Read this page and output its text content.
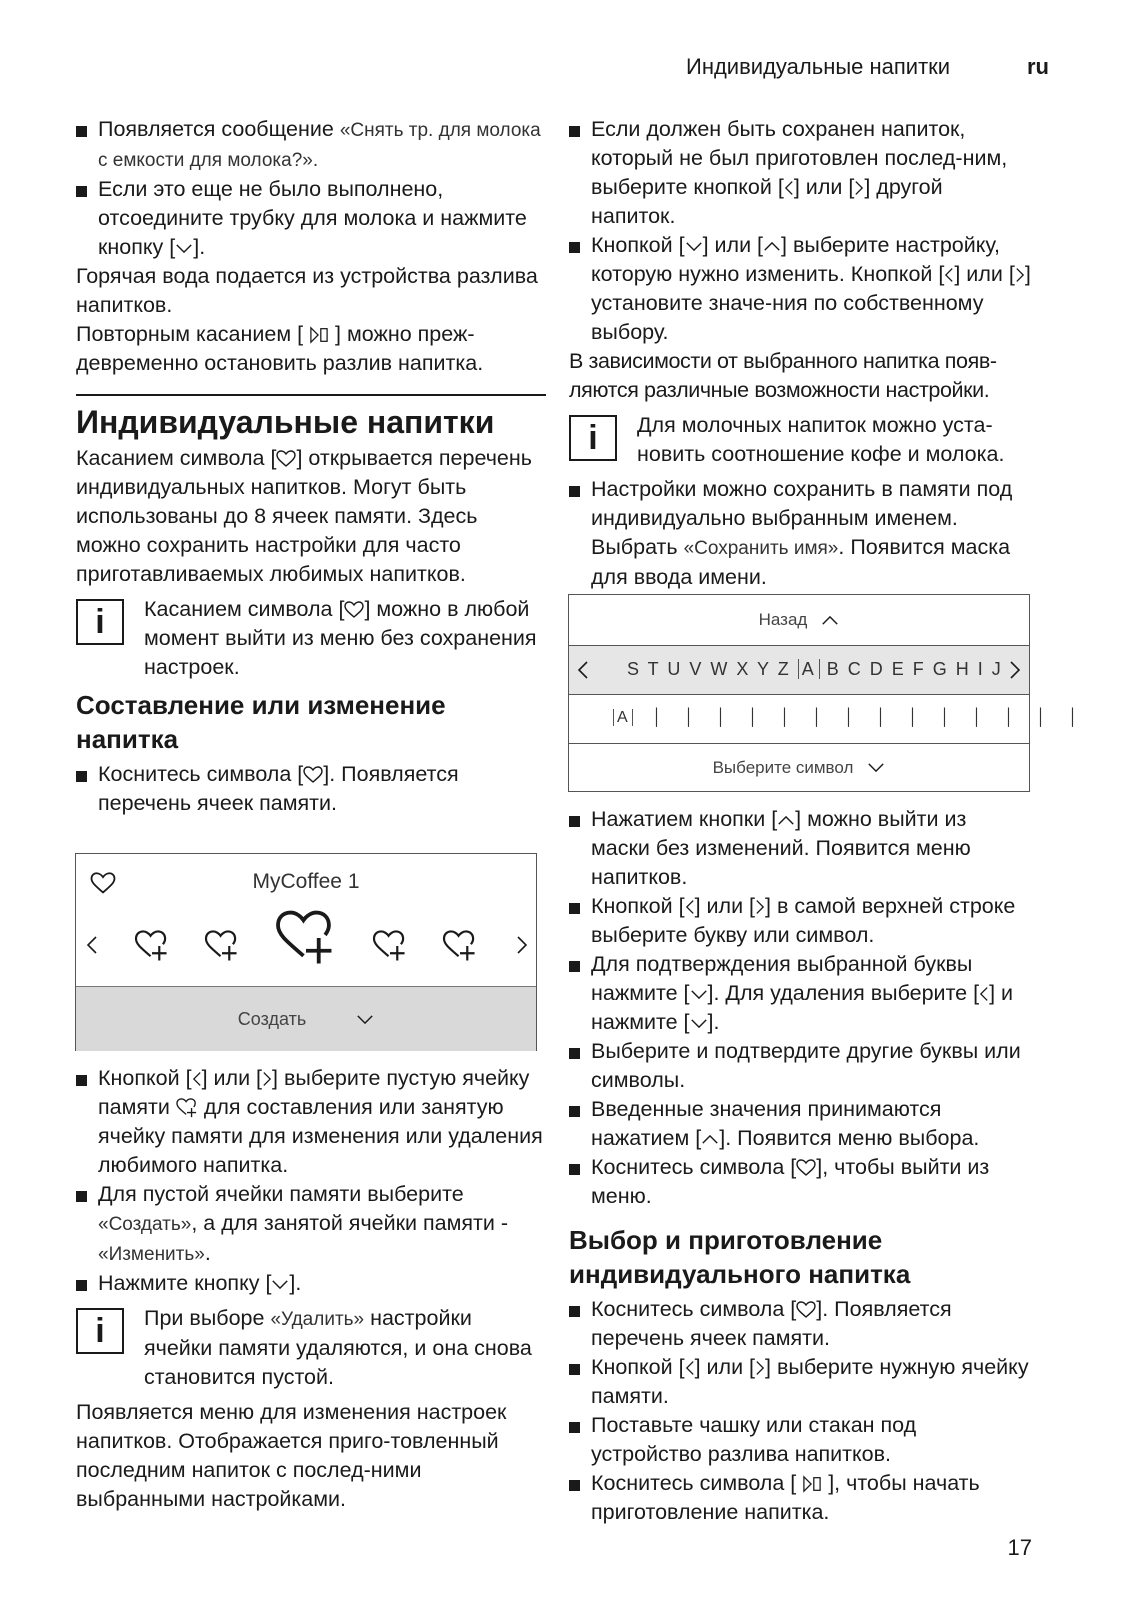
Индивидуальные напитки	ru
Появляется сообщение «Снять тр. для молока с емкости для молока?».
Если это еще не было выполнено, отсоедините трубку для молока и нажмите кнопку [ ].

Горячая вода подается из устройства разлива напитков.

Повторным касанием [  ] можно преж-девременно остановить разлив напитка.

Индивидуальные напитки

Касанием символа [ ] открывается перечень индивидуальных напитков. Могут быть использованы до 8 ячеек памяти. Здесь можно сохранить настройки для часто приготавливаемых любимых напитков.

i	Касанием символа [ ] можно в любой момент выйти из меню без сохранения настроек.
Составление или изменение напитка
Коснитесь символа [ ]. Появляется перечень ячеек памяти.
MyCoffee 1
Создать
Кнопкой [ ] или [ ] выберите пустую ячейку памяти  для составления или занятую ячейку памяти для изменения или удаления любимого напитка.
Для пустой ячейки памяти выберите «Создать», а для занятой ячейки памяти - «Изменить».
Нажмите кнопку [ ].
i	При выборе «Удалить» настройки ячейки памяти удаляются, и она снова становится пустой.

Появляется меню для изменения настроек напитков. Отображается приго-товленный последним напиток с послед-ними выбранными настройками.

Если должен быть сохранен напиток, который не был приготовлен послед-ним, выберите кнопкой [ ] или [ ] другой напиток.
Кнопкой [ ] или [ ] выберите настройку, которую нужно изменить. Кнопкой [ ] или [ ] установите значе-ния по собственному выбору.

В зависимости от выбранного напитка появ-ляются различные возможности настройки.

i	Для молочных напиток можно уста-новить соотношение кофе и молока.
Настройки можно сохранить в памяти под индивидуально выбранным именем. Выбрать «Сохранить имя». Появится маска для ввода имени.
Назад
S T U V W X Y Z A B C D E F G H I J
A ││││││││││││││
Выберите символ
Нажатием кнопки [ ] можно выйти из маски без изменений. Появится меню напитков.
Кнопкой [ ] или [ ] в самой верхней строке выберите букву или символ.
Для подтверждения выбранной буквы нажмите [ ]. Для удаления выберите [ ] и нажмите [ ].
Выберите и подтвердите другие буквы или символы.
Введенные значения принимаются нажатием [ ]. Появится меню выбора.
Коснитесь символа [ ], чтобы выйти из меню.
Выбор и приготовление индивидуального напитка
Коснитесь символа [ ]. Появляется перечень ячеек памяти.
Кнопкой [ ] или [ ] выберите нужную ячейку памяти.
Поставьте чашку или стакан под устройство разлива напитков.
Коснитесь символа [  ], чтобы начать приготовление напитка.
17
